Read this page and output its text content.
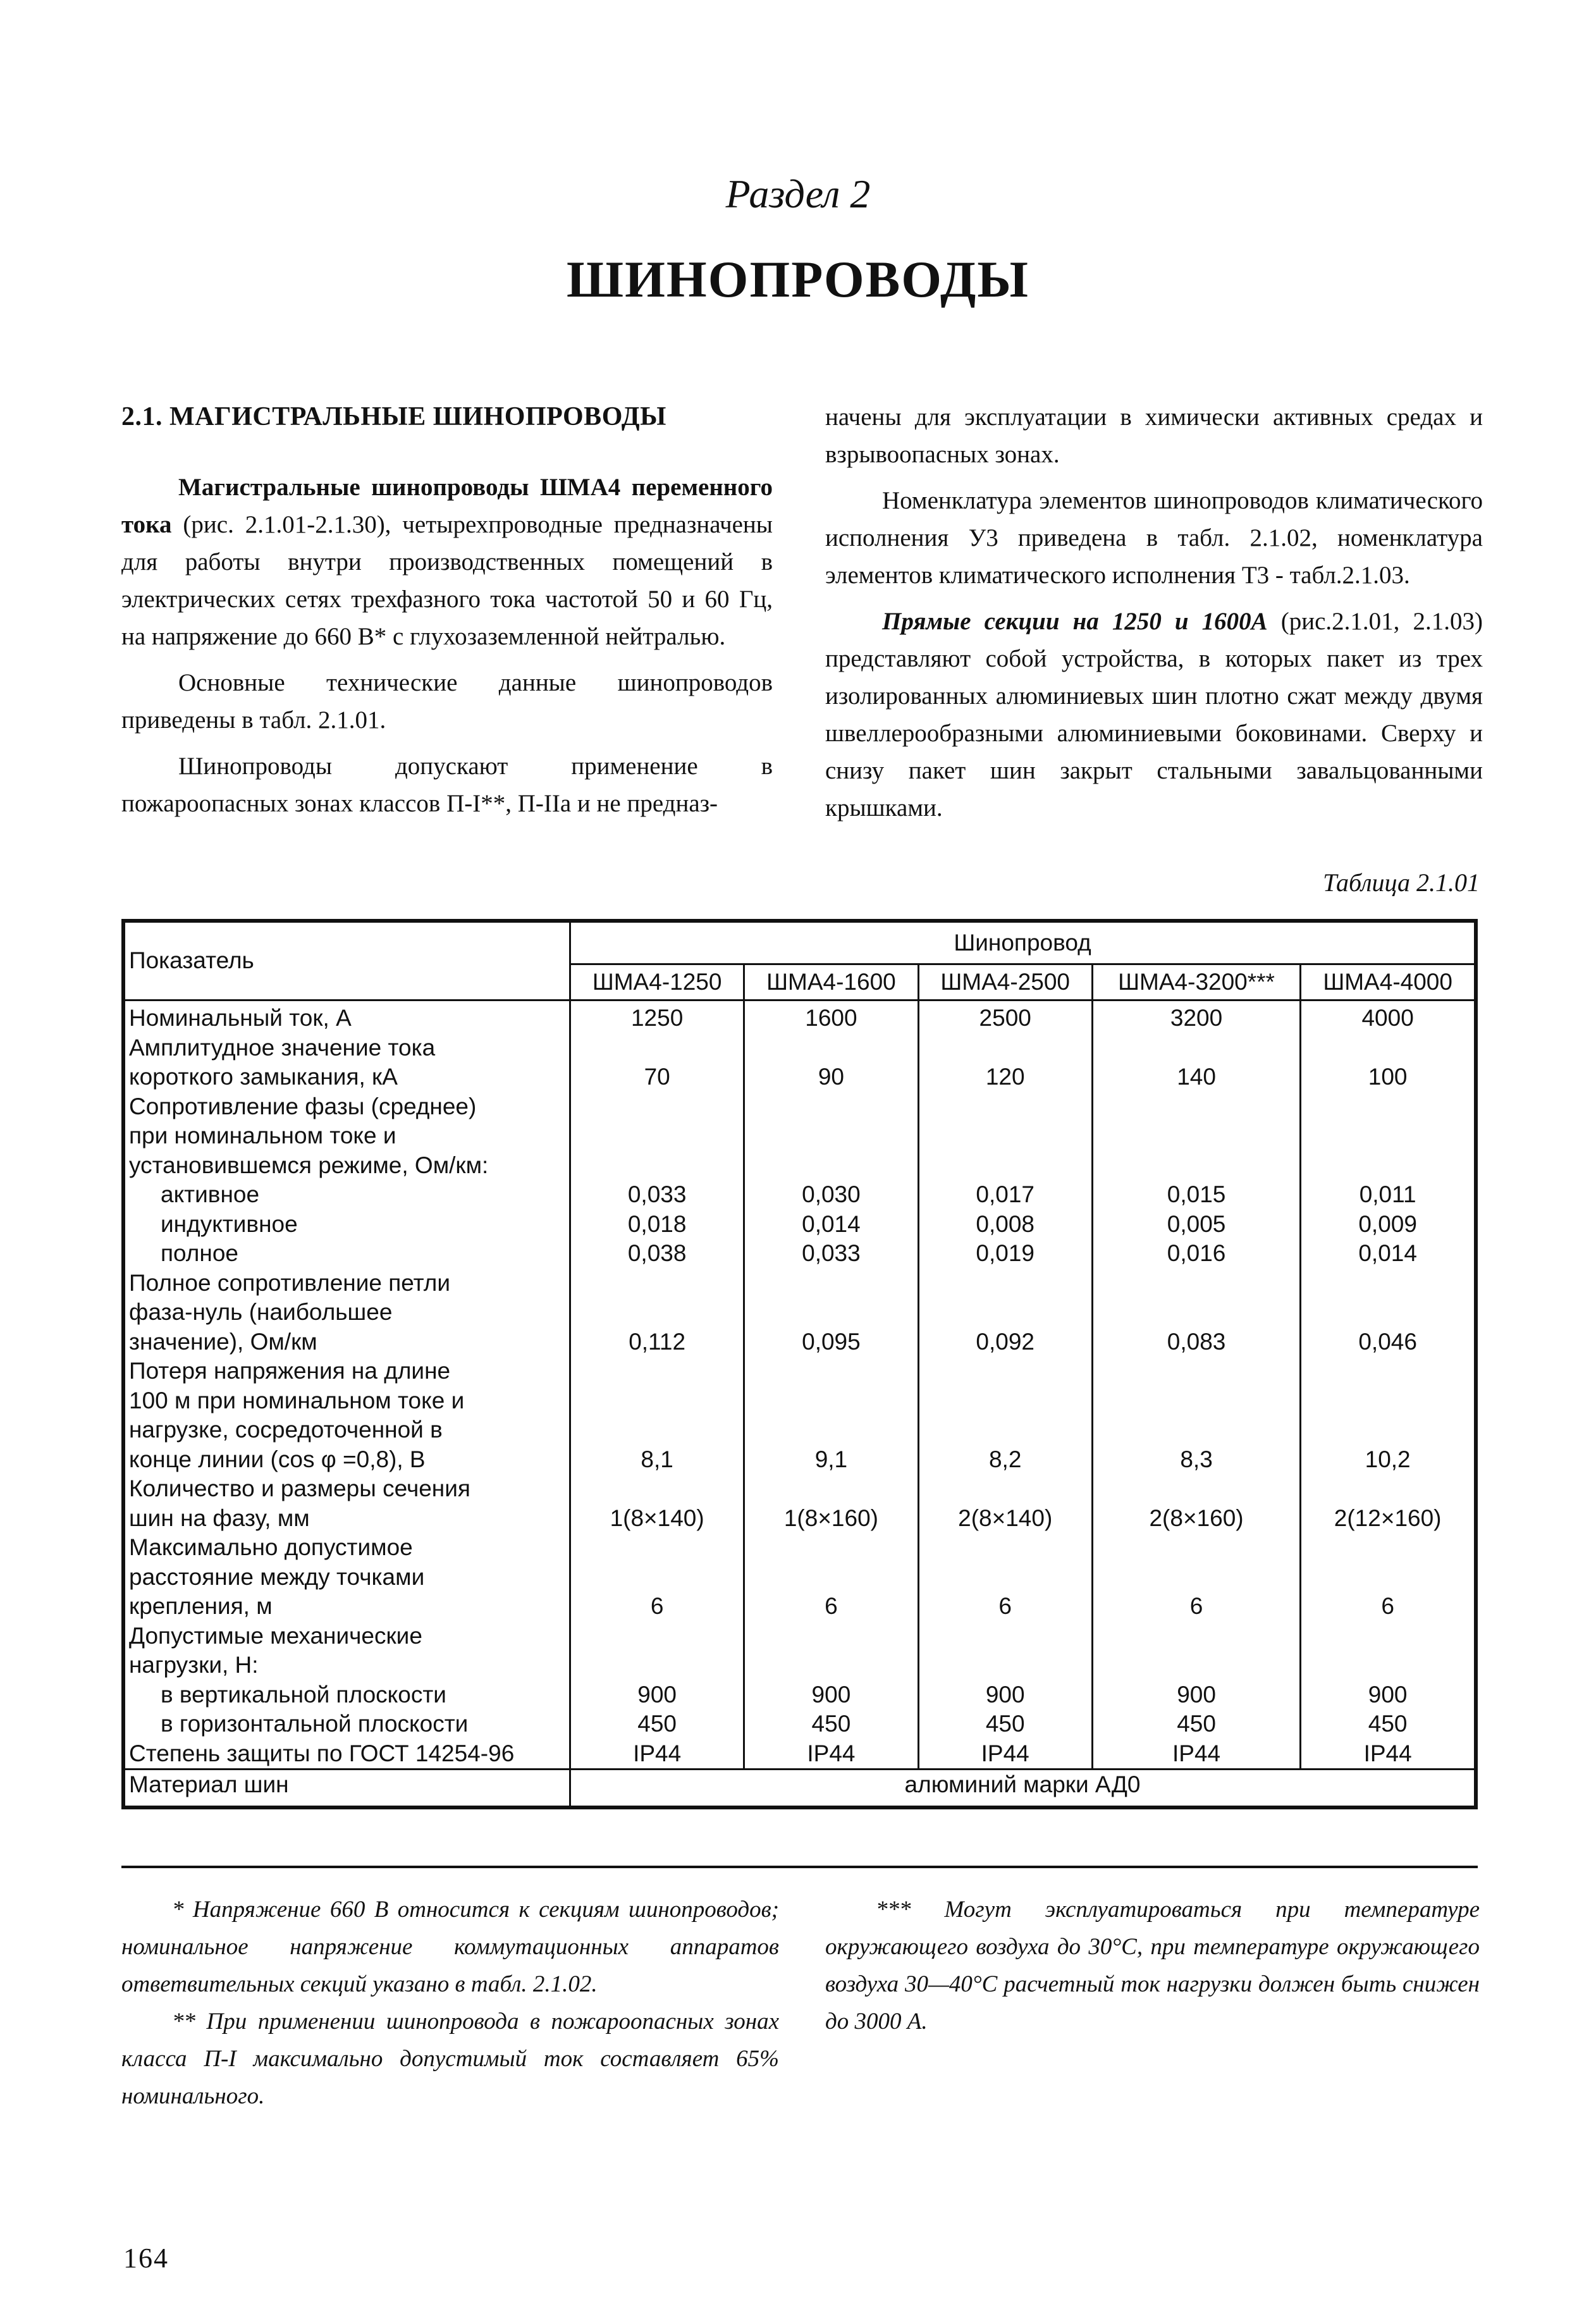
Раздел 2
ШИНОПРОВОДЫ

2.1. МАГИСТРАЛЬНЫЕ ШИНОПРОВОДЫ

Магистральные шинопроводы ШМА4 переменного тока (рис. 2.1.01-2.1.30), четырехпроводные предназначены для работы внутри производственных помещений в электрических сетях трехфазного тока частотой 50 и 60 Гц, на напряжение до 660 В* с глухозаземленной нейтралью.

Основные технические данные шинопроводов приведены в табл. 2.1.01.

Шинопроводы допускают применение в пожароопасных зонах классов П-I**, П-IIа и не предназ-

начены для эксплуатации в химически активных средах и взрывоопасных зонах.

Номенклатура элементов шинопроводов климатического исполнения У3 приведена в табл. 2.1.02, номенклатура элементов климатического исполнения Т3 - табл.2.1.03.

Прямые секции на 1250 и 1600А (рис.2.1.01, 2.1.03) представляют собой устройства, в которых пакет из трех изолированных алюминиевых шин плотно сжат между двумя швеллерообразными алюминиевыми боковинами. Сверху и снизу пакет шин закрыт стальными завальцованными крышками.

Таблица 2.1.01
Показатель	Шинопровод				
	ШМА4-1250	ШМА4-1600	ШМА4-2500	ШМА4-3200***	ШМА4-4000
Номинальный ток, А	1250	1600	2500	3200	4000
Амплитудное значение тока					
короткого замыкания, кА	70	90	120	140	100
Сопротивление фазы (среднее)					
при номинальном токе и					
установившемся режиме, Ом/км:					
активное	0,033	0,030	0,017	0,015	0,011
индуктивное	0,018	0,014	0,008	0,005	0,009
полное	0,038	0,033	0,019	0,016	0,014
Полное сопротивление петли					
фаза-нуль (наибольшее					
значение), Ом/км	0,112	0,095	0,092	0,083	0,046
Потеря напряжения на длине					
100 м при номинальном токе и					
нагрузке, сосредоточенной в					
конце линии (cos φ =0,8), В	8,1	9,1	8,2	8,3	10,2
Количество и размеры сечения					
шин на фазу, мм	1(8×140)	1(8×160)	2(8×140)	2(8×160)	2(12×160)
Максимально допустимое					
расстояние между точками					
крепления, м	6	6	6	6	6
Допустимые механические					
нагрузки, Н:					
в вертикальной плоскости	900	900	900	900	900
в горизонтальной плоскости	450	450	450	450	450
Степень защиты по ГОСТ 14254-96	IP44	IP44	IP44	IP44	IP44
Материал шин	алюминий марки АД0				

* Напряжение 660 В относится к секциям шинопроводов; номинальное напряжение коммутационных аппаратов ответвительных секций указано в табл. 2.1.02.

** При применении шинопровода в пожароопасных зонах класса П-I максимально допустимый ток составляет 65% номинального.

*** Могут эксплуатироваться при температуре окружающего воздуха до 30°С, при температуре окружающего воздуха 30—40°С расчетный ток нагрузки должен быть снижен до 3000 А.

164
